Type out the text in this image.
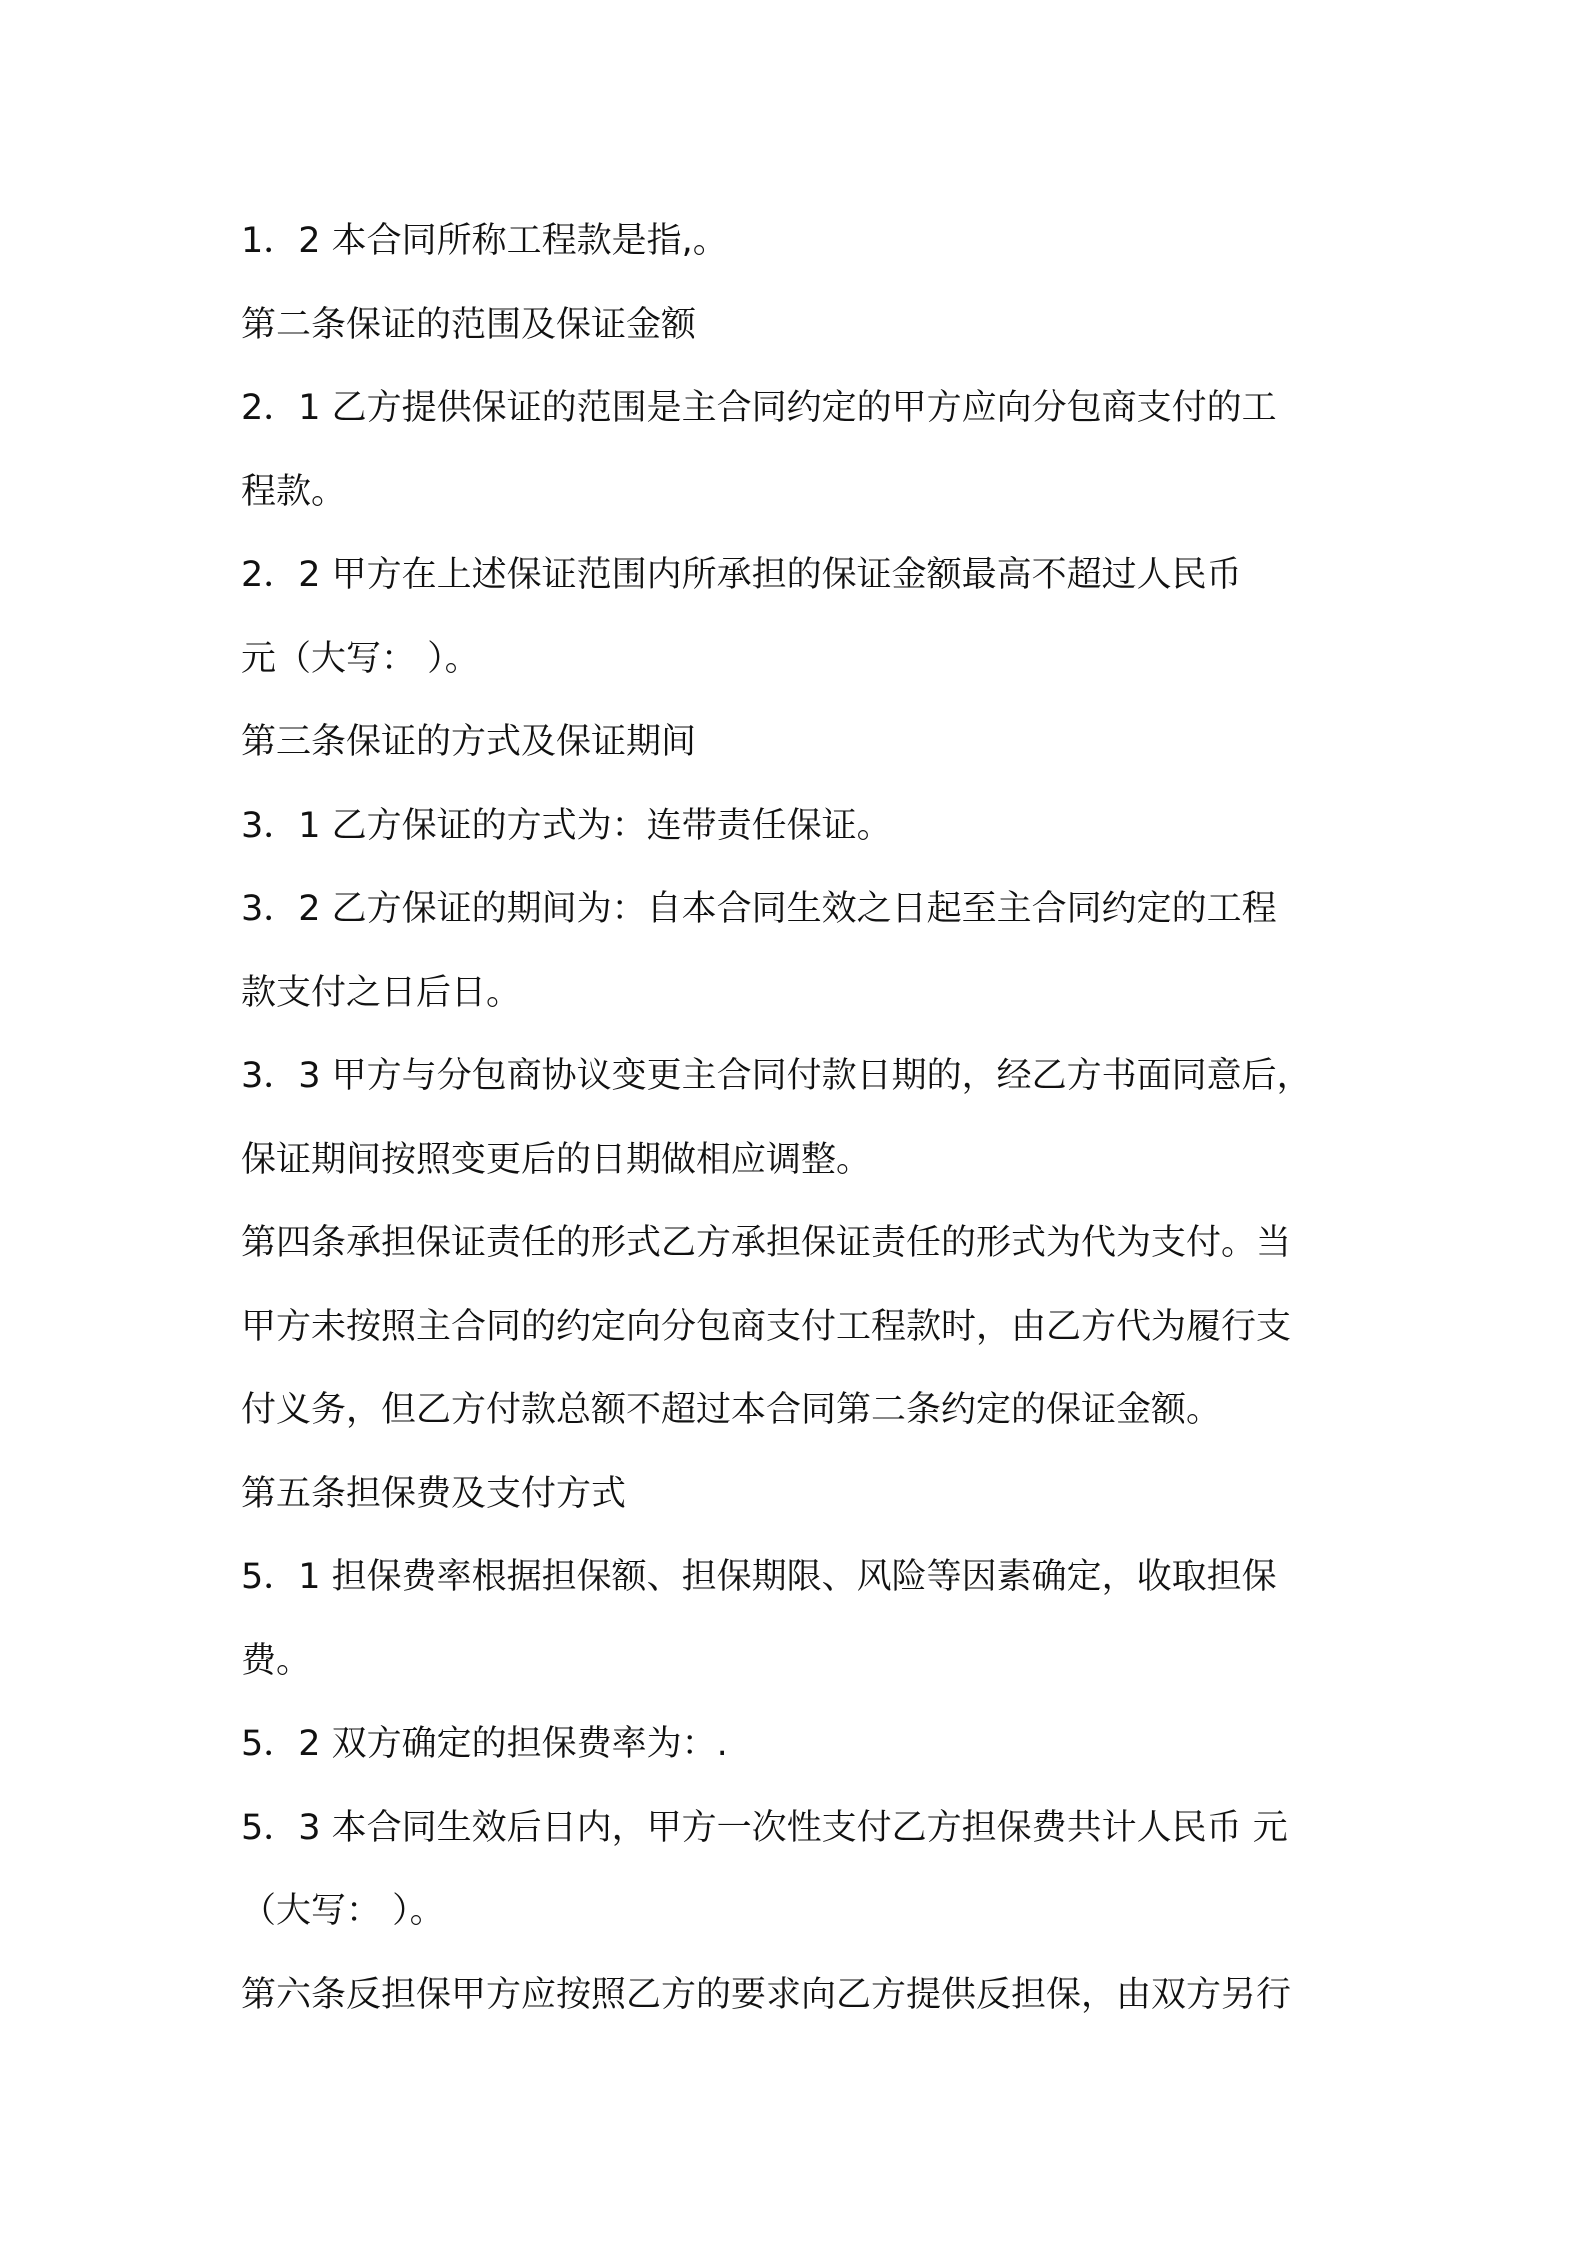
1．2 本合同所称工程款是指,。
第二条保证的范围及保证金额
2．1 乙方提供保证的范围是主合同约定的甲方应向分包商支付的工
程款。
2．2 甲方在上述保证范围内所承担的保证金额最高不超过人民币
元（大写： ）。
第三条保证的方式及保证期间
3．1 乙方保证的方式为：连带责任保证。
3．2 乙方保证的期间为：自本合同生效之日起至主合同约定的工程
款支付之日后日。
3．3 甲方与分包商协议变更主合同付款日期的，经乙方书面同意后，
保证期间按照变更后的日期做相应调整。
第四条承担保证责任的形式乙方承担保证责任的形式为代为支付。当
甲方未按照主合同的约定向分包商支付工程款时，由乙方代为履行支
付义务，但乙方付款总额不超过本合同第二条约定的保证金额。
第五条担保费及支付方式
5．1 担保费率根据担保额、担保期限、风险等因素确定，收取担保
费。
5．2 双方确定的担保费率为：.
5．3 本合同生效后日内，甲方一次性支付乙方担保费共计人民币 元
（大写： ）。
第六条反担保甲方应按照乙方的要求向乙方提供反担保，由双方另行
